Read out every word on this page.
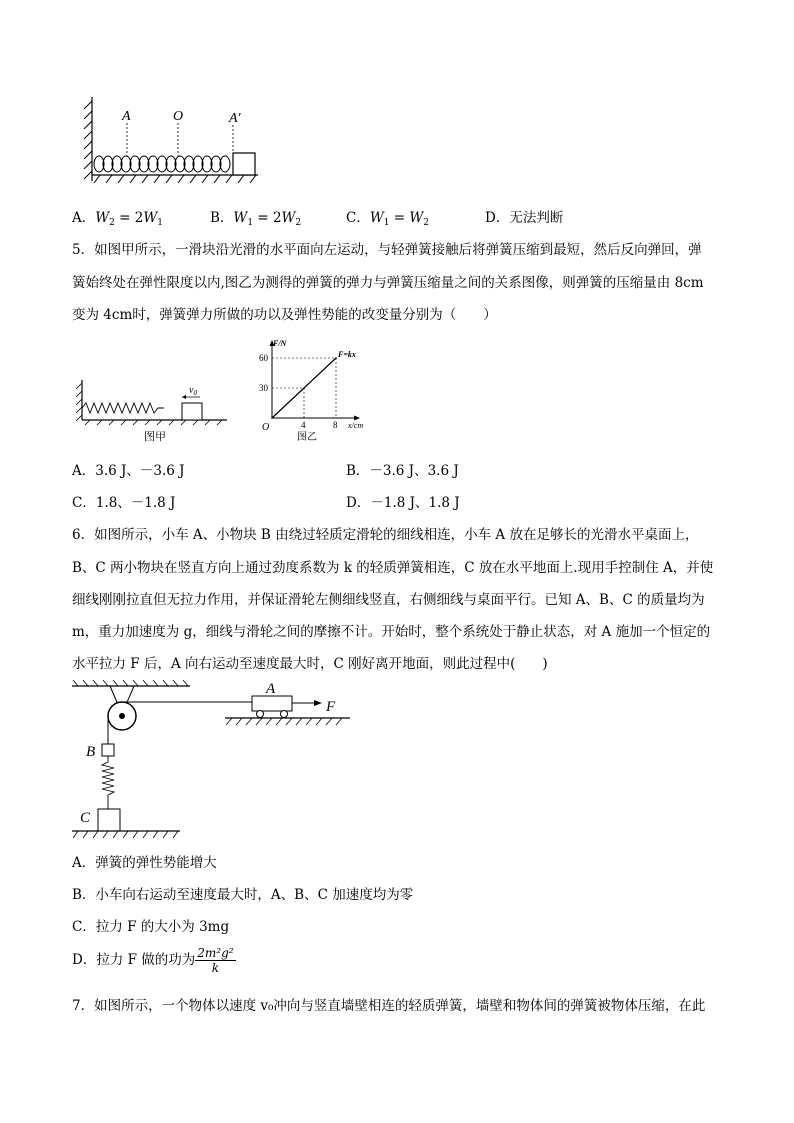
A	O	A′
A．$W_2 = 2W_1$	B．$W_1 = 2W_2$	C．$W_1 = W_2$	D．无法判断
5．如图甲所示，一滑块沿光滑的水平面向左运动，与轻弹簧接触后将弹簧压缩到最短，然后反向弹回，弹
簧始终处在弹性限度以内,图乙为测得的弹簧的弹力与弹簧压缩量之间的关系图像，则弹簧的压缩量由 8cm
变为 4cm时，弹簧弹力所做的功以及弹性势能的改变量分别为（　　）
$v_0$
图甲
4	8
30
60
O
F/N
x/cm
F=kx
图乙
A．3.6 J、－3.6 J	B．－3.6 J、3.6 J
C．1.8、－1.8 J	D．－1.8 J、1.8 J
6．如图所示，小车 A、小物块 B 由绕过轻质定滑轮的细线相连，小车 A 放在足够长的光滑水平桌面上，
B、C 两小物块在竖直方向上通过劲度系数为 k 的轻质弹簧相连，C 放在水平地面上.现用手控制住 A，并使
细线刚刚拉直但无拉力作用，并保证滑轮左侧细线竖直，右侧细线与桌面平行。已知 A、B、C 的质量均为
m，重力加速度为 g，细线与滑轮之间的摩擦不计。开始时，整个系统处于静止状态，对 A 施加一个恒定的
水平拉力 F 后，A 向右运动至速度最大时，C 刚好离开地面，则此过程中(　　)
A
F
B
C
A．弹簧的弹性势能增大
B．小车向右运动至速度最大时，A、B、C 加速度均为零
C．拉力 F 的大小为 3mg
D．拉力 F 做的功为 $\frac{\text{2m²g²}}{k}$
7．如图所示，一个物体以速度 v₀冲向与竖直墙壁相连的轻质弹簧，墙壁和物体间的弹簧被物体压缩，在此
